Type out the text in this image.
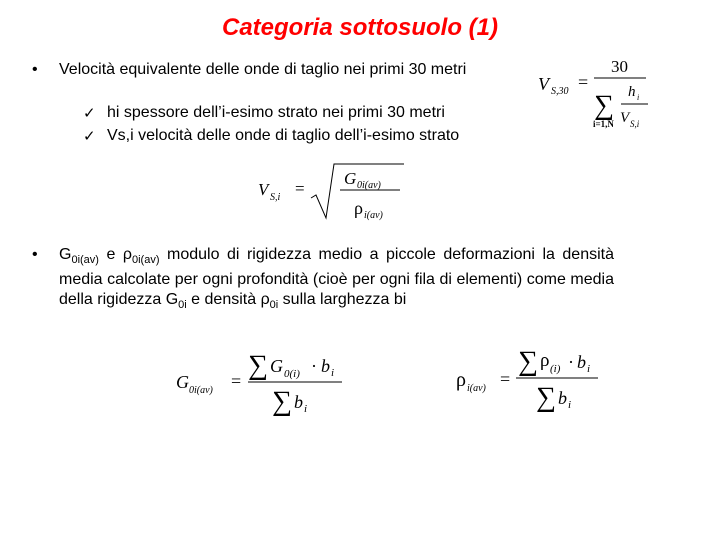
Categoria sottosuolo (1)
• Velocità equivalente delle onde di taglio nei primi 30 metri
✓ hi spessore dell’i-esimo strato nei primi 30 metri
✓ Vs,i velocità delle onde di taglio dell’i-esimo strato
V S,30 =
30
∑
i=1,N
h i
V S,i
V S,i =
G 0i(av)
ρ i(av)
• $G_{0i(av)}$ e $\rho_{0i(av)}$ modulo di rigidezza medio a piccole deformazioni la densità media calcolate per ogni profondità (cioè per ogni fila di elementi) come media della rigidezza $G_{0i}$ e densità $\rho_{0i}$ sulla larghezza bi
G 0i(av) = ∑ G 0(i) · b i
∑ b i
ρ i(av) =
∑ ρ (i) · b i
∑ b i
